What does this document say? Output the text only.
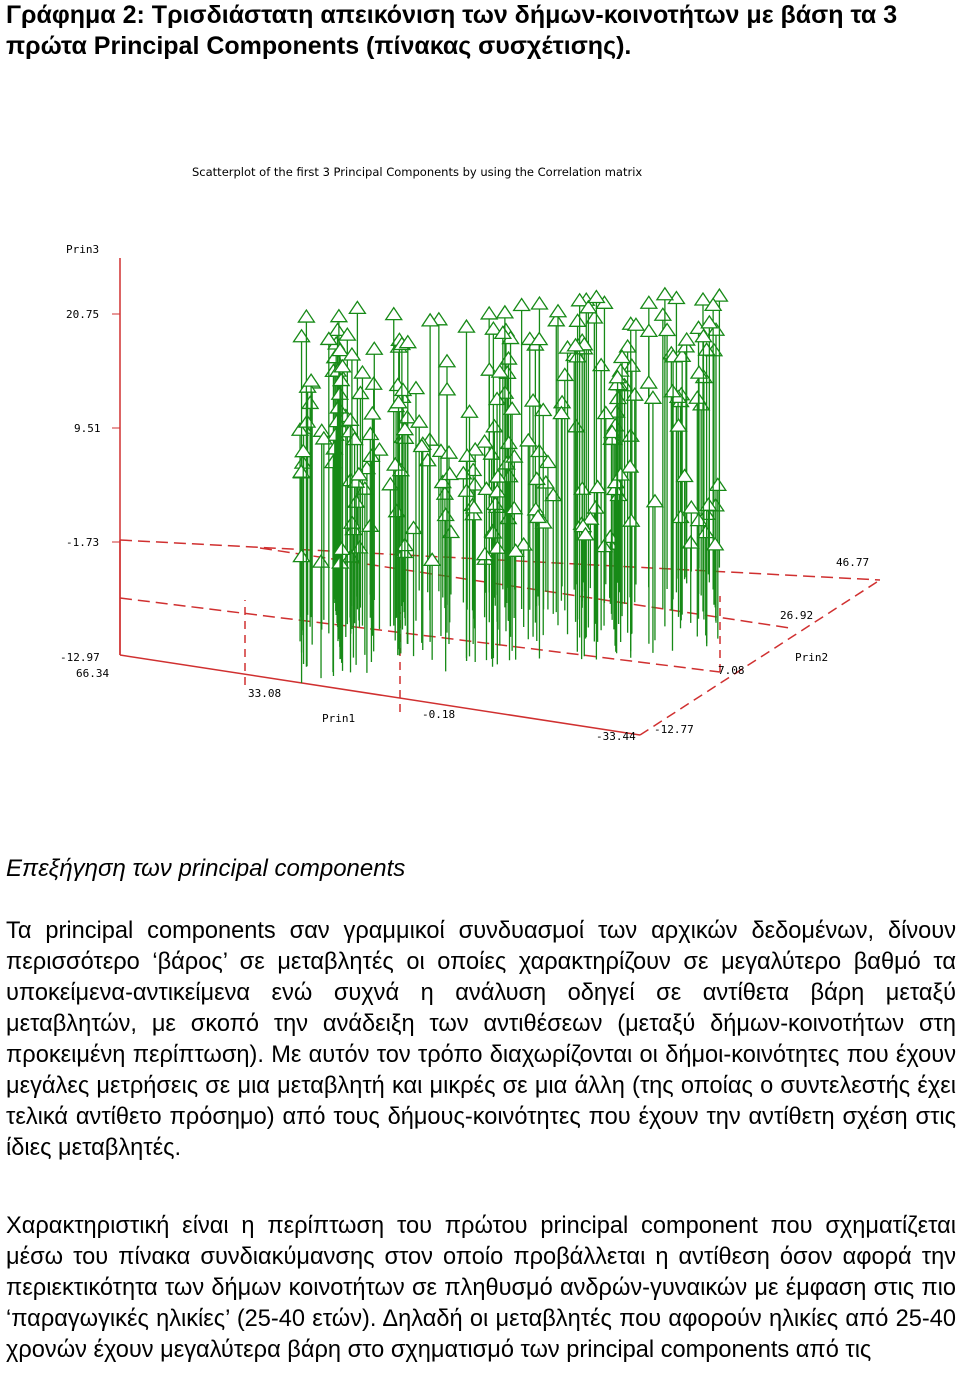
Γράφημα 2: Τρισδιάστατη απεικόνιση των δήμων-κοινοτήτων με βάση τα 3 πρώτα Principal Components (πίνακας συσχέτισης).

Scatterplot of the first 3 Principal Components by using the Correlation matrix
Prin3
20.75
9.51
-1.73
-12.97
66.34
33.08
Prin1	-0.18
-33.44
-12.77
7.08
Prin2
26.92
46.77

Επεξήγηση των principal components

Τα principal components σαν γραμμικοί συνδυασμοί των αρχικών δεδομένων, δίνουν περισσότερο ‘βάρος’ σε μεταβλητές οι οποίες χαρακτηρίζουν σε μεγαλύτερο βαθμό τα υποκείμενα-αντικείμενα ενώ συχνά η ανάλυση οδηγεί σε αντίθετα βάρη μεταξύ μεταβλητών, με σκοπό την ανάδειξη των αντιθέσεων (μεταξύ δήμων-κοινοτήτων στη προκειμένη περίπτωση). Με αυτόν τον τρόπο διαχωρίζονται οι δήμοι-κοινότητες που έχουν μεγάλες μετρήσεις σε μια μεταβλητή και μικρές σε μια άλλη (της οποίας ο συντελεστής έχει τελικά αντίθετο πρόσημο) από τους δήμους-κοινότητες που έχουν την αντίθετη σχέση στις ίδιες μεταβλητές.

Χαρακτηριστική είναι η περίπτωση του πρώτου principal component που σχηματίζεται μέσω του πίνακα συνδιακύμανσης στον οποίο προβάλλεται η αντίθεση όσον αφορά την περιεκτικότητα των δήμων κοινοτήτων σε πληθυσμό ανδρών-γυναικών με έμφαση στις πιο ‘παραγωγικές ηλικίες’ (25-40 ετών). Δηλαδή οι μεταβλητές που αφορούν ηλικίες από 25-40 χρονών έχουν μεγαλύτερα βάρη στο σχηματισμό των principal components από τις
